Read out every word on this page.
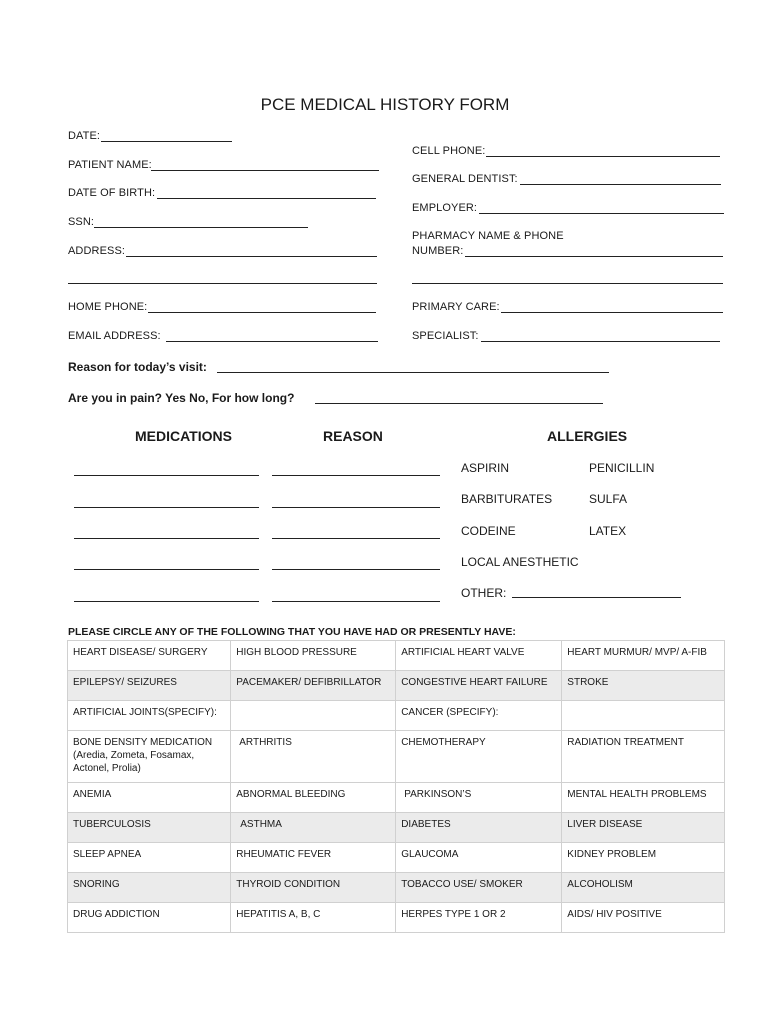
PCE MEDICAL HISTORY FORM
DATE:
PATIENT NAME:
DATE OF BIRTH:
SSN:
ADDRESS:
HOME PHONE:
EMAIL ADDRESS:
CELL PHONE:
GENERAL DENTIST:
EMPLOYER:
PHARMACY NAME & PHONE
NUMBER:
PRIMARY CARE:
SPECIALIST:
Reason for today’s visit:
Are you in pain? Yes No, For how long?
MEDICATIONS	REASON	ALLERGIES
ASPIRIN	PENICILLIN
BARBITURATES	SULFA
CODEINE	LATEX
LOCAL ANESTHETIC
OTHER:
PLEASE CIRCLE ANY OF THE FOLLOWING THAT YOU HAVE HAD OR PRESENTLY HAVE:
HEART DISEASE/ SURGERY	HIGH BLOOD PRESSURE	ARTIFICIAL HEART VALVE	HEART MURMUR/ MVP/ A-FIB
EPILEPSY/ SEIZURES	PACEMAKER/ DEFIBRILLATOR	CONGESTIVE HEART FAILURE	STROKE
ARTIFICIAL JOINTS(SPECIFY):		CANCER (SPECIFY):	

BONE DENSITY MEDICATION
(Aredia, Zometa, Fosamax,
Actonel, Prolia)	ARTHRITIS	CHEMOTHERAPY	RADIATION TREATMENT
ANEMIA	ABNORMAL BLEEDING	PARKINSON’S	MENTAL HEALTH PROBLEMS
TUBERCULOSIS	ASTHMA	DIABETES	LIVER DISEASE
SLEEP APNEA	RHEUMATIC FEVER	GLAUCOMA	KIDNEY PROBLEM
SNORING	THYROID CONDITION	TOBACCO USE/ SMOKER	ALCOHOLISM
DRUG ADDICTION	HEPATITIS A, B, C	HERPES TYPE 1 OR 2	AIDS/ HIV POSITIVE
